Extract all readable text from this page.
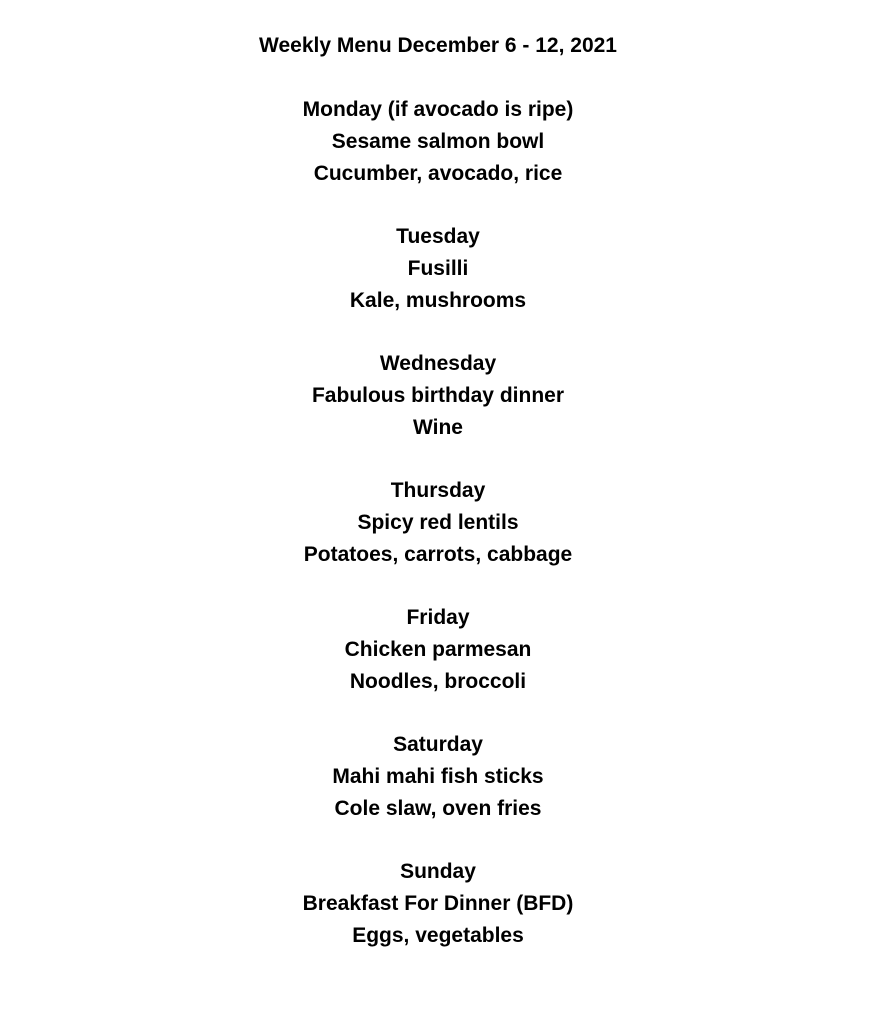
Weekly Menu December 6 - 12, 2021
Monday (if avocado is ripe)
Sesame salmon bowl
Cucumber, avocado, rice
Tuesday
Fusilli
Kale, mushrooms
Wednesday
Fabulous birthday dinner
Wine
Thursday
Spicy red lentils
Potatoes, carrots, cabbage
Friday
Chicken parmesan
Noodles, broccoli
Saturday
Mahi mahi fish sticks
Cole slaw, oven fries
Sunday
Breakfast For Dinner (BFD)
Eggs, vegetables
